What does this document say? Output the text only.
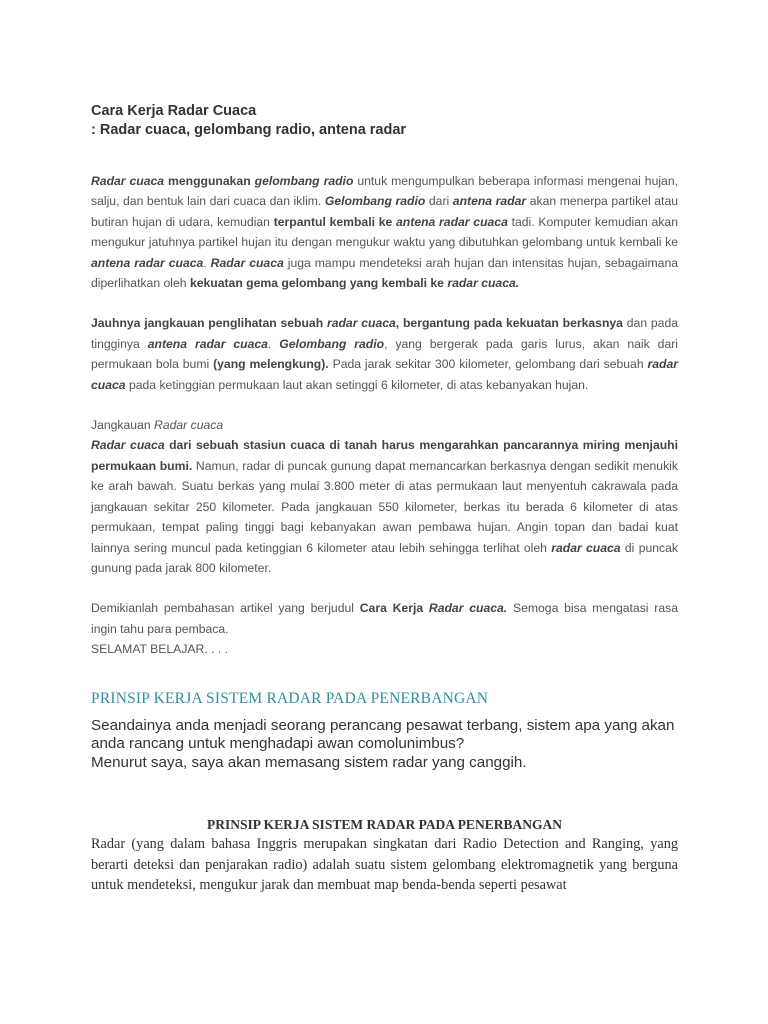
Cara Kerja Radar Cuaca

: Radar cuaca, gelombang radio, antena radar

Radar cuaca menggunakan gelombang radio untuk mengumpulkan beberapa informasi mengenai hujan, salju, dan bentuk lain dari cuaca dan iklim. Gelombang radio dari antena radar akan menerpa partikel atau butiran hujan di udara, kemudian terpantul kembali ke antena radar cuaca tadi. Komputer kemudian akan mengukur jatuhnya partikel hujan itu dengan mengukur waktu yang dibutuhkan gelombang untuk kembali ke antena radar cuaca. Radar cuaca juga mampu mendeteksi arah hujan dan intensitas hujan, sebagaimana diperlihatkan oleh kekuatan gema gelombang yang kembali ke radar cuaca.

Jauhnya jangkauan penglihatan sebuah radar cuaca, bergantung pada kekuatan berkasnya dan pada tingginya antena radar cuaca. Gelombang radio, yang bergerak pada garis lurus, akan naik dari permukaan bola bumi (yang melengkung). Pada jarak sekitar 300 kilometer, gelombang dari sebuah radar cuaca pada ketinggian permukaan laut akan setinggi 6 kilometer, di atas kebanyakan hujan.

Jangkauan Radar cuaca

Radar cuaca dari sebuah stasiun cuaca di tanah harus mengarahkan pancarannya miring menjauhi permukaan bumi. Namun, radar di puncak gunung dapat memancarkan berkasnya dengan sedikit menukik ke arah bawah. Suatu berkas yang mulai 3.800 meter di atas permukaan laut menyentuh cakrawala pada jangkauan sekitar 250 kilometer. Pada jangkauan 550 kilometer, berkas itu berada 6 kilometer di atas permukaan, tempat paling tinggi bagi kebanyakan awan pembawa hujan. Angin topan dan badai kuat lainnya sering muncul pada ketinggian 6 kilometer atau lebih sehingga terlihat oleh radar cuaca di puncak gunung pada jarak 800 kilometer.

Demikianlah pembahasan artikel yang berjudul Cara Kerja Radar cuaca. Semoga bisa mengatasi rasa ingin tahu para pembaca.

SELAMAT BELAJAR. . . .

PRINSIP KERJA SISTEM RADAR PADA PENERBANGAN

Seandainya anda menjadi seorang perancang pesawat terbang, sistem apa yang akan anda rancang untuk menghadapi awan comolunimbus?

Menurut saya, saya akan memasang sistem radar yang canggih.

PRINSIP KERJA SISTEM RADAR PADA PENERBANGAN

Radar (yang dalam bahasa Inggris merupakan singkatan dari Radio Detection and Ranging, yang berarti deteksi dan penjarakan radio) adalah suatu sistem gelombang elektromagnetik yang berguna untuk mendeteksi, mengukur jarak dan membuat map benda-benda seperti pesawat
